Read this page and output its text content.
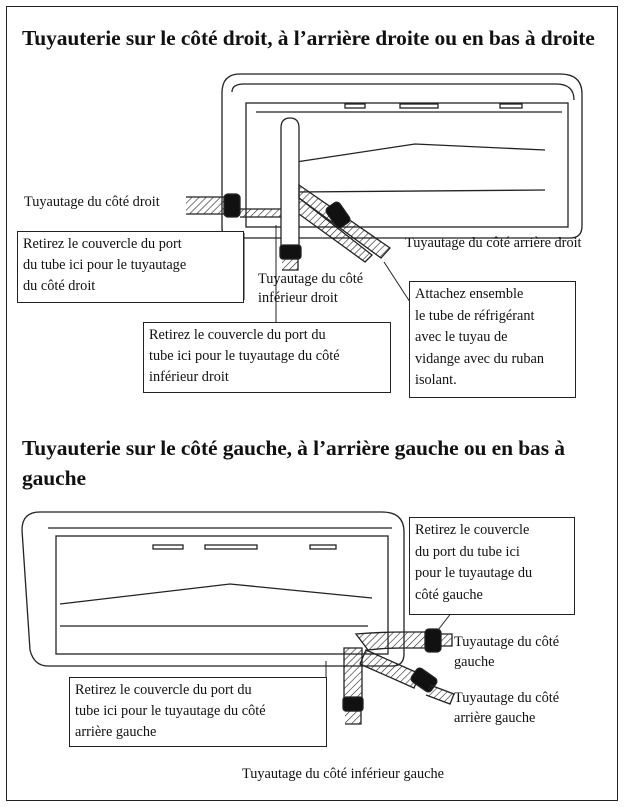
Tuyauterie sur le côté droit, à l’arrière droite ou en bas à droite
Tuyauterie sur le côté gauche, à l’arrière gauche ou en bas à gauche
Tuyautage du côté droit
Tuyautage du côté arrière droit
Tuyautage du côté
inférieur droit
Retirez le couvercle du port
du tube ici pour le tuyautage
du côté droit
Retirez le couvercle du port du
tube ici pour le tuyautage du côté
inférieur droit
Attachez ensemble
le tube de réfrigérant
avec le tuyau de
vidange avec du ruban
isolant.
Retirez le couvercle
du port du tube ici
pour le tuyautage du
côté gauche
Tuyautage du côté
gauche
Tuyautage du côté
arrière gauche
Retirez le couvercle du port du
tube ici pour le tuyautage du côté
arrière gauche
Tuyautage du côté inférieur gauche
